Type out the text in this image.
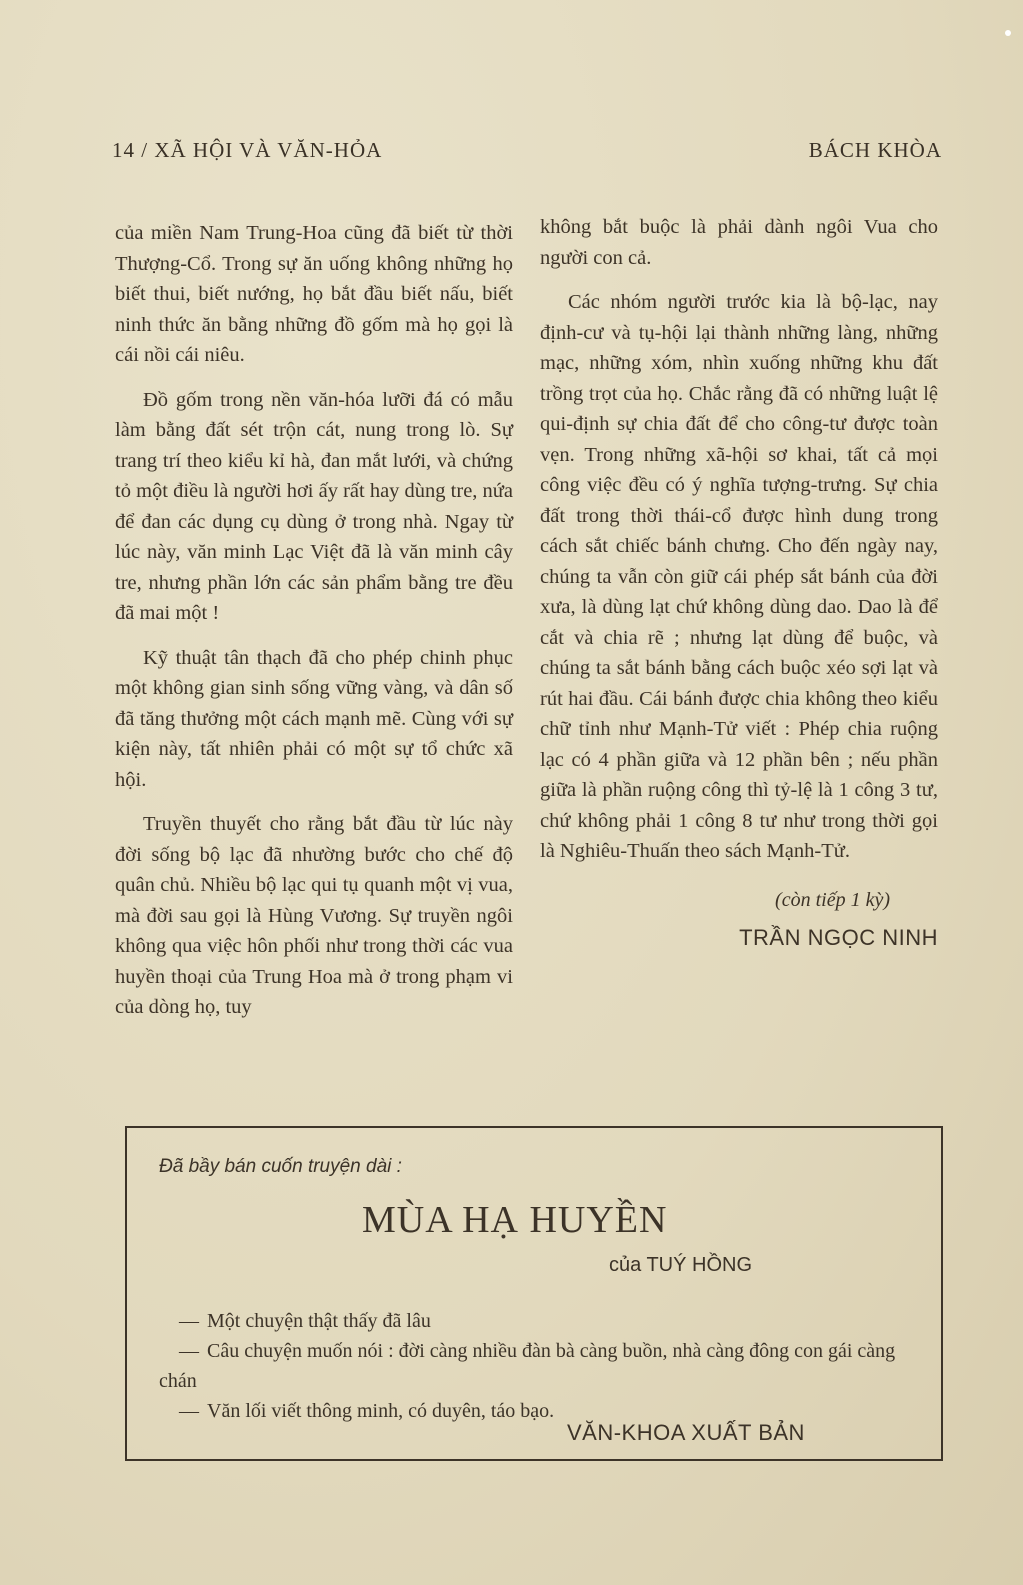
14 / XÃ HỘI VÀ VĂN-HỎA	BÁCH KHÒA

của miền Nam Trung-Hoa cũng đã biết từ thời Thượng-Cổ. Trong sự ăn uống không những họ biết thui, biết nướng, họ bắt đầu biết nấu, biết ninh thức ăn bằng những đồ gốm mà họ gọi là cái nồi cái niêu.

Đồ gốm trong nền văn-hóa lưỡi đá có mẫu làm bằng đất sét trộn cát, nung trong lò. Sự trang trí theo kiểu kỉ hà, đan mắt lưới, và chứng tỏ một điều là người hơi ấy rất hay dùng tre, nứa để đan các dụng cụ dùng ở trong nhà. Ngay từ lúc này, văn minh Lạc Việt đã là văn minh cây tre, nhưng phần lớn các sản phẩm bằng tre đều đã mai một !

Kỹ thuật tân thạch đã cho phép chinh phục một không gian sinh sống vững vàng, và dân số đã tăng thưởng một cách mạnh mẽ. Cùng với sự kiện này, tất nhiên phải có một sự tổ chức xã hội.

Truyền thuyết cho rằng bắt đầu từ lúc này đời sống bộ lạc đã nhường bước cho chế độ quân chủ. Nhiều bộ lạc qui tụ quanh một vị vua, mà đời sau gọi là Hùng Vương. Sự truyền ngôi không qua việc hôn phối như trong thời các vua huyền thoại của Trung Hoa mà ở trong phạm vi của dòng họ, tuy

không bắt buộc là phải dành ngôi Vua cho người con cả.

Các nhóm người trước kia là bộ-lạc, nay định-cư và tụ-hội lại thành những làng, những mạc, những xóm, nhìn xuống những khu đất trồng trọt của họ. Chắc rằng đã có những luật lệ qui-định sự chia đất để cho công-tư được toàn vẹn. Trong những xã-hội sơ khai, tất cả mọi công việc đều có ý nghĩa tượng-trưng. Sự chia đất trong thời thái-cổ được hình dung trong cách sắt chiếc bánh chưng. Cho đến ngày nay, chúng ta vẫn còn giữ cái phép sắt bánh của đời xưa, là dùng lạt chứ không dùng dao. Dao là để cắt và chia rẽ ; nhưng lạt dùng để buộc, và chúng ta sắt bánh bằng cách buộc xéo sợi lạt và rút hai đầu. Cái bánh được chia không theo kiểu chữ tỉnh như Mạnh-Tử viết : Phép chia ruộng lạc có 4 phần giữa và 12 phần bên ; nếu phần giữa là phần ruộng công thì tỷ-lệ là 1 công 3 tư, chứ không phải 1 công 8 tư như trong thời gọi là Nghiêu-Thuấn theo sách Mạnh-Tử.

(còn tiếp 1 kỳ)
TRẦN NGỌC NINH
Đã bầy bán cuốn truyện dài :
MÙA HẠ HUYỀN
của TUÝ HỒNG

— Một chuyện thật thấy đã lâu

— Câu chuyện muốn nói : đời càng nhiều đàn bà càng buồn, nhà càng đông con gái càng chán

— Văn lối viết thông minh, có duyên, táo bạo.

VĂN-KHOA XUẤT BẢN
